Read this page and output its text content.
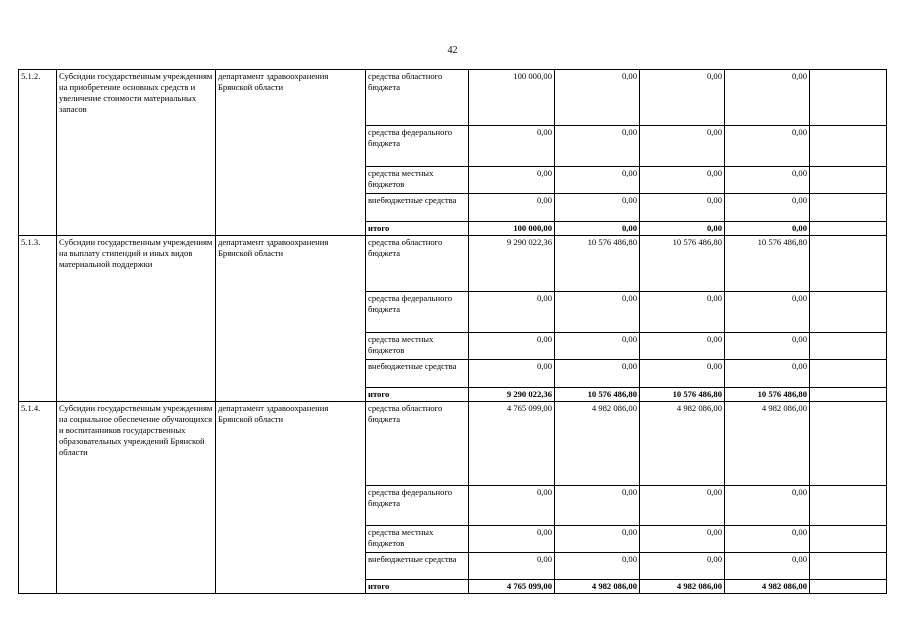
42
5.1.2.	Субсидии государственным учреждениям на приобретение основных средств и увеличение стоимости материальных запасов	департамент здравоохранения Брянской области	средства областного бюджета	100 000,00	0,00	0,00	0,00	
			средства федерального бюджета	0,00	0,00	0,00	0,00	
			средства местных бюджетов	0,00	0,00	0,00	0,00	
			внебюджетные средства	0,00	0,00	0,00	0,00	
			итого	100 000,00	0,00	0,00	0,00	
5.1.3.	Субсидии государственным учреждениям на выплату стипендий и иных видов материальной поддержки	департамент здравоохранения Брянской области	средства областного бюджета	9 290 022,36	10 576 486,80	10 576 486,80	10 576 486,80	
			средства федерального бюджета	0,00	0,00	0,00	0,00	
			средства местных бюджетов	0,00	0,00	0,00	0,00	
			внебюджетные средства	0,00	0,00	0,00	0,00	
			итого	9 290 022,36	10 576 486,80	10 576 486,80	10 576 486,80	
5.1.4.	Субсидии государственным учреждениям на социальное обеспечение обучающихся и воспитанников государственных образовательных учреждений Брянской области	департамент здравоохранения Брянской области	средства областного бюджета	4 765 099,00	4 982 086,00	4 982 086,00	4 982 086,00	
			средства федерального бюджета	0,00	0,00	0,00	0,00	
			средства местных бюджетов	0,00	0,00	0,00	0,00	
			внебюджетные средства	0,00	0,00	0,00	0,00	
			итого	4 765 099,00	4 982 086,00	4 982 086,00	4 982 086,00	
